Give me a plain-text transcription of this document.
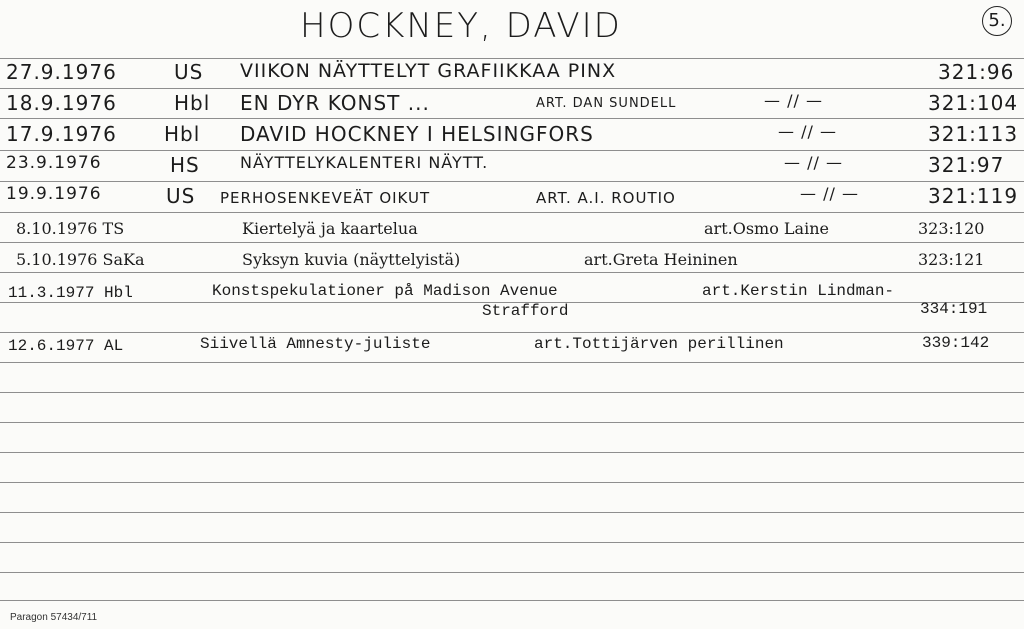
HOCKNEY, DAVID	5.
27.9.1976	US VIIKON NÄYTTELYT GRAFIIKKAA PINX	321:96
18.9.1976	Hbl EN DYR KONST ...	ART. DAN SUNDELL	— // —	321:104
17.9.1976 Hbl DAVID HOCKNEY I HELSINGFORS	— // —	321:113
23.9.1976	HS	NÄYTTELYKALENTERI NÄYTT.	— // —	321:97
19.9.1976	US PERHOSENKEVEÄT OIKUT	ART. A.I. ROUTIO	— // —	321:119
8.10.1976 TS	Kiertelyä ja kaartelua	art.Osmo Laine	323:120
5.10.1976 SaKa	Syksyn kuvia (näyttelyistä)	art.Greta Heininen	323:121
11.3.1977 Hbl	Konstspekulationer på Madison Avenue	art.Kerstin Lindman-
Strafford	334:191
12.6.1977 AL	Siivellä Amnesty-juliste	art.Tottijärven perillinen	339:142
Paragon 57434/711
